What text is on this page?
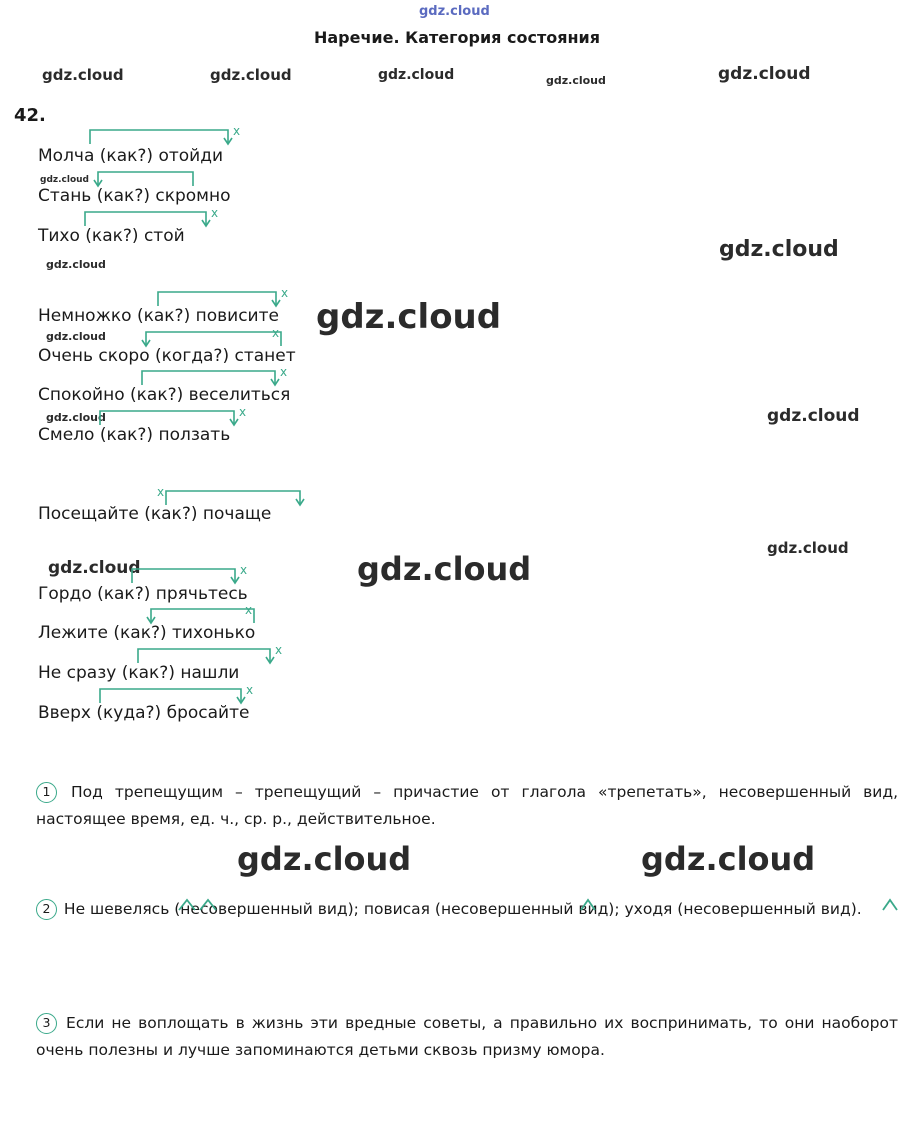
Наречие. Категория состояния
42.
gdz.cloud
gdz.cloud	gdz.cloud	gdz.cloud	gdz.cloud	gdz.cloud
gdz.cloud
gdz.cloud
gdz.cloud
gdz.cloud
gdz.cloud
gdz.cloud	gdz.cloud
gdz.cloud
gdz.cloud	gdz.cloud
gdz.cloud	gdz.cloud
x
Молча (как?) отойди
Стань (как?) скромно
x
Тихо (как?) стой
x
Немножко (как?) повисите
x
Очень скоро (когда?) станет
x
Спокойно (как?) веселиться
x
Смело (как?) ползать
x
Посещайте (как?) почаще
x
Гордо (как?) прячьтесь
x
Лежите (как?) тихонько
x
Не сразу (как?) нашли
x
Вверх (куда?) бросайте
1 Под трепещущим – трепещущий – причастие от глагола «трепетать», несовершенный вид, настоящее время, ед. ч., ср. р., действительное.
2 Не шевелясь (несовершенный вид); повисая (несовершенный вид); уходя (несовершенный вид).
3 Если не воплощать в жизнь эти вредные советы, а правильно их воспринимать, то они наоборот очень полезны и лучше запоминаются детьми сквозь призму юмора.
